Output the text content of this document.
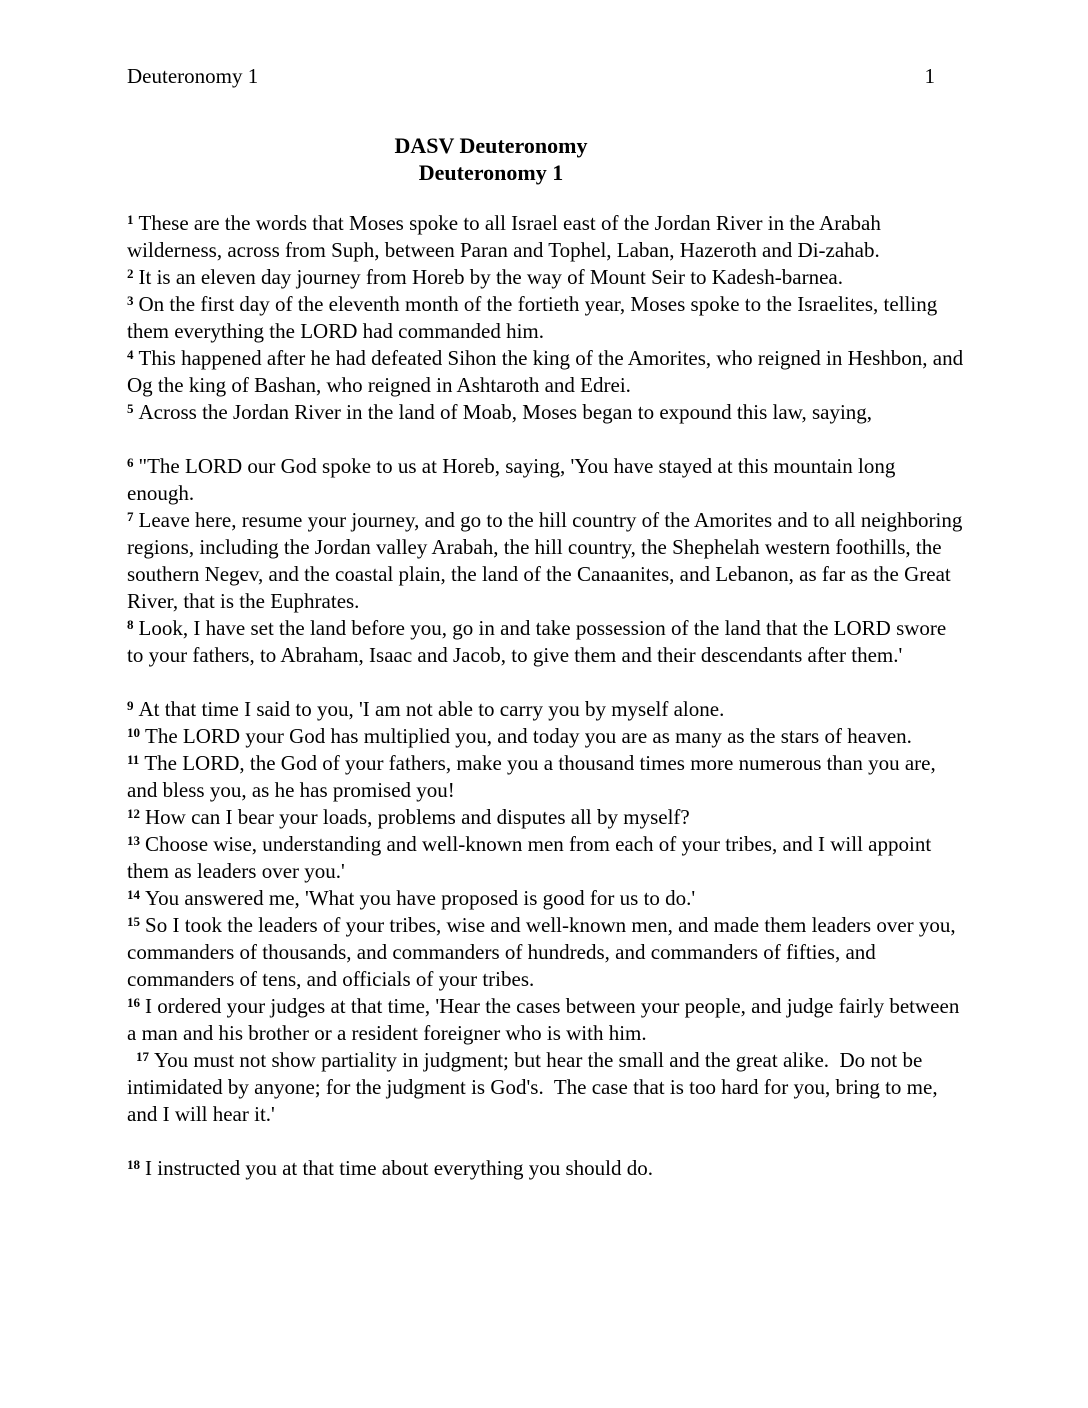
Deuteronomy 1	1
DASV Deuteronomy
Deuteronomy 1
$^1$ These are the words that Moses spoke to all Israel east of the Jordan River in the Arabah wilderness, across from Suph, between Paran and Tophel, Laban, Hazeroth and Di-zahab.
$^2$ It is an eleven day journey from Horeb by the way of Mount Seir to Kadesh-barnea.
$^3$ On the first day of the eleventh month of the fortieth year, Moses spoke to the Israelites, telling them everything the LORD had commanded him.
$^4$ This happened after he had defeated Sihon the king of the Amorites, who reigned in Heshbon, and Og the king of Bashan, who reigned in Ashtaroth and Edrei.
$^5$ Across the Jordan River in the land of Moab, Moses began to expound this law, saying,
$^6$ "The LORD our God spoke to us at Horeb, saying, 'You have stayed at this mountain long enough.
$^7$ Leave here, resume your journey, and go to the hill country of the Amorites and to all neighboring regions, including the Jordan valley Arabah, the hill country, the Shephelah western foothills, the southern Negev, and the coastal plain, the land of the Canaanites, and Lebanon, as far as the Great River, that is the Euphrates.
$^8$ Look, I have set the land before you, go in and take possession of the land that the LORD swore to your fathers, to Abraham, Isaac and Jacob, to give them and their descendants after them.'
$^9$ At that time I said to you, 'I am not able to carry you by myself alone.
$^{10}$ The LORD your God has multiplied you, and today you are as many as the stars of heaven.
$^{11}$ The LORD, the God of your fathers, make you a thousand times more numerous than you are, and bless you, as he has promised you!
$^{12}$ How can I bear your loads, problems and disputes all by myself?
$^{13}$ Choose wise, understanding and well-known men from each of your tribes, and I will appoint them as leaders over you.'
$^{14}$ You answered me, 'What you have proposed is good for us to do.'
$^{15}$ So I took the leaders of your tribes, wise and well-known men, and made them leaders over you, commanders of thousands, and commanders of hundreds, and commanders of fifties, and commanders of tens, and officials of your tribes.
$^{16}$ I ordered your judges at that time, 'Hear the cases between your people, and judge fairly between a man and his brother or a resident foreigner who is with him.
$^{17}$ You must not show partiality in judgment; but hear the small and the great alike.  Do not be intimidated by anyone; for the judgment is God's.  The case that is too hard for you, bring to me, and I will hear it.'
$^{18}$ I instructed you at that time about everything you should do.
